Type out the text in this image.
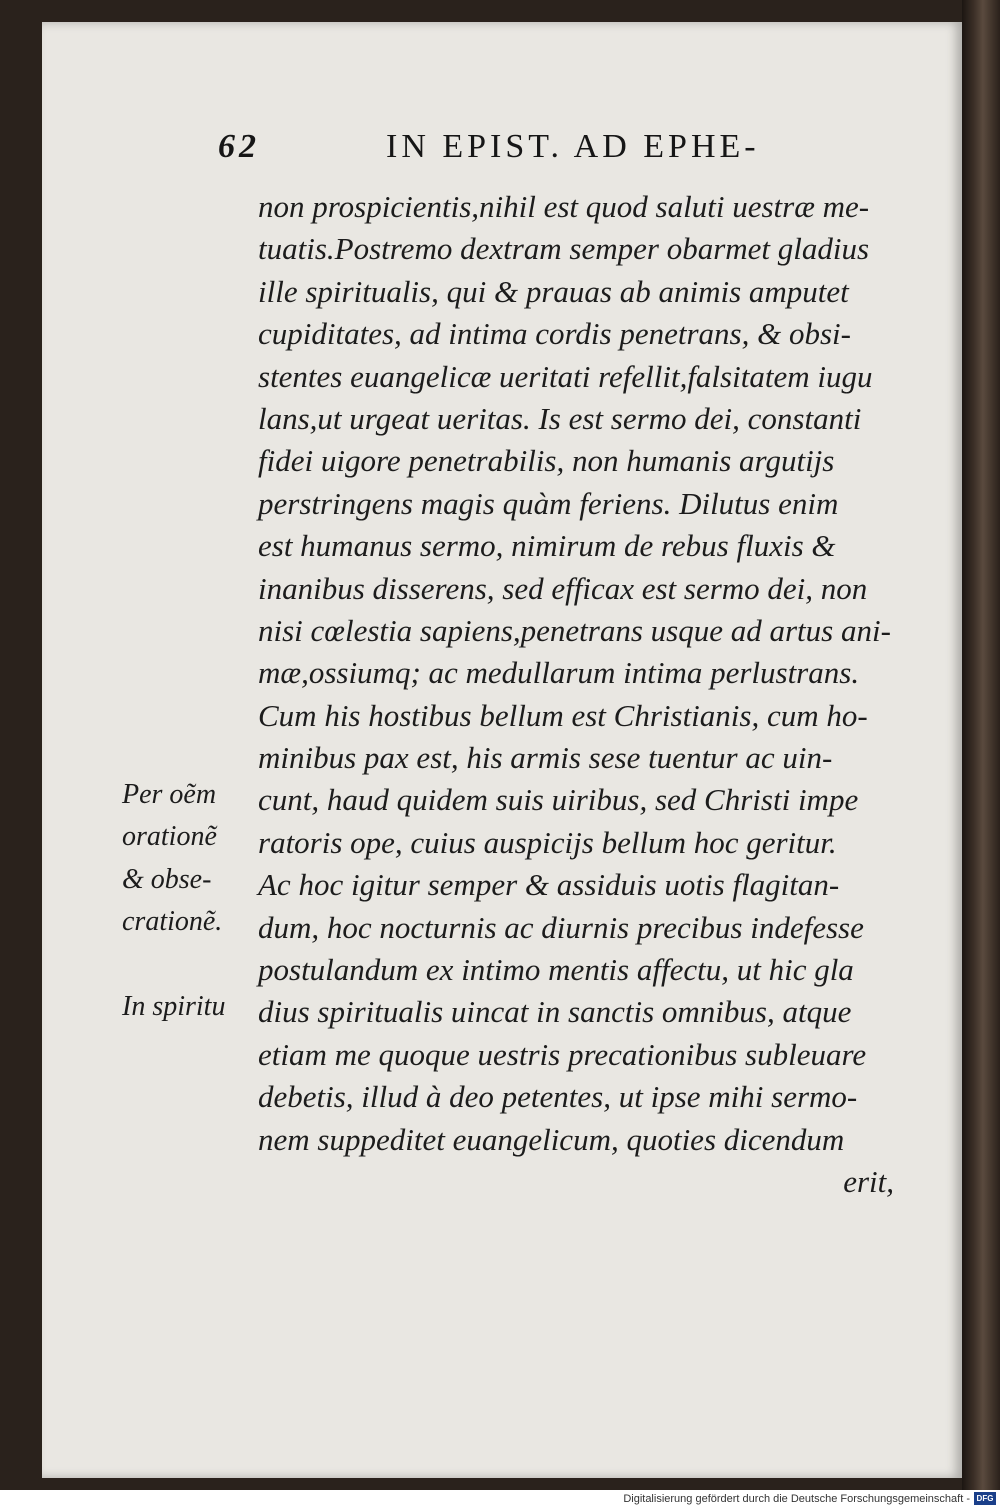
62	IN EPIST. AD EPHE-
non prospicientis,nihil est quod saluti uestræ me-
tuatis.Postremo dextram semper obarmet gladius
ille spiritualis, qui & prauas ab animis amputet
cupiditates, ad intima cordis penetrans, & obsi-
stentes euangelicæ ueritati refellit,falsitatem iugu
lans,ut urgeat ueritas. Is est sermo dei, constanti
fidei uigore penetrabilis, non humanis argutijs
perstringens magis quàm feriens. Dilutus enim
est humanus sermo, nimirum de rebus fluxis &
inanibus disserens, sed efficax est sermo dei, non
nisi cœlestia sapiens,penetrans usque ad artus ani-
mæ,ossiumq; ac medullarum intima perlustrans.
Cum his hostibus bellum est Christianis, cum ho-
minibus pax est, his armis sese tuentur ac uin-
cunt, haud quidem suis uiribus, sed Christi impe
ratoris ope, cuius auspicijs bellum hoc geritur.
Ac hoc igitur semper & assiduis uotis flagitan-
dum, hoc nocturnis ac diurnis precibus indefesse
postulandum ex intimo mentis affectu, ut hic gla
dius spiritualis uincat in sanctis omnibus, atque
etiam me quoque uestris precationibus subleuare
debetis, illud à deo petentes, ut ipse mihi sermo-
nem suppeditet euangelicum, quoties dicendum
erit,
Per oẽm
orationẽ
& obse-
crationẽ.
In spiritu
Digitalisierung gefördert durch die Deutsche Forschungsgemeinschaft - DFG
